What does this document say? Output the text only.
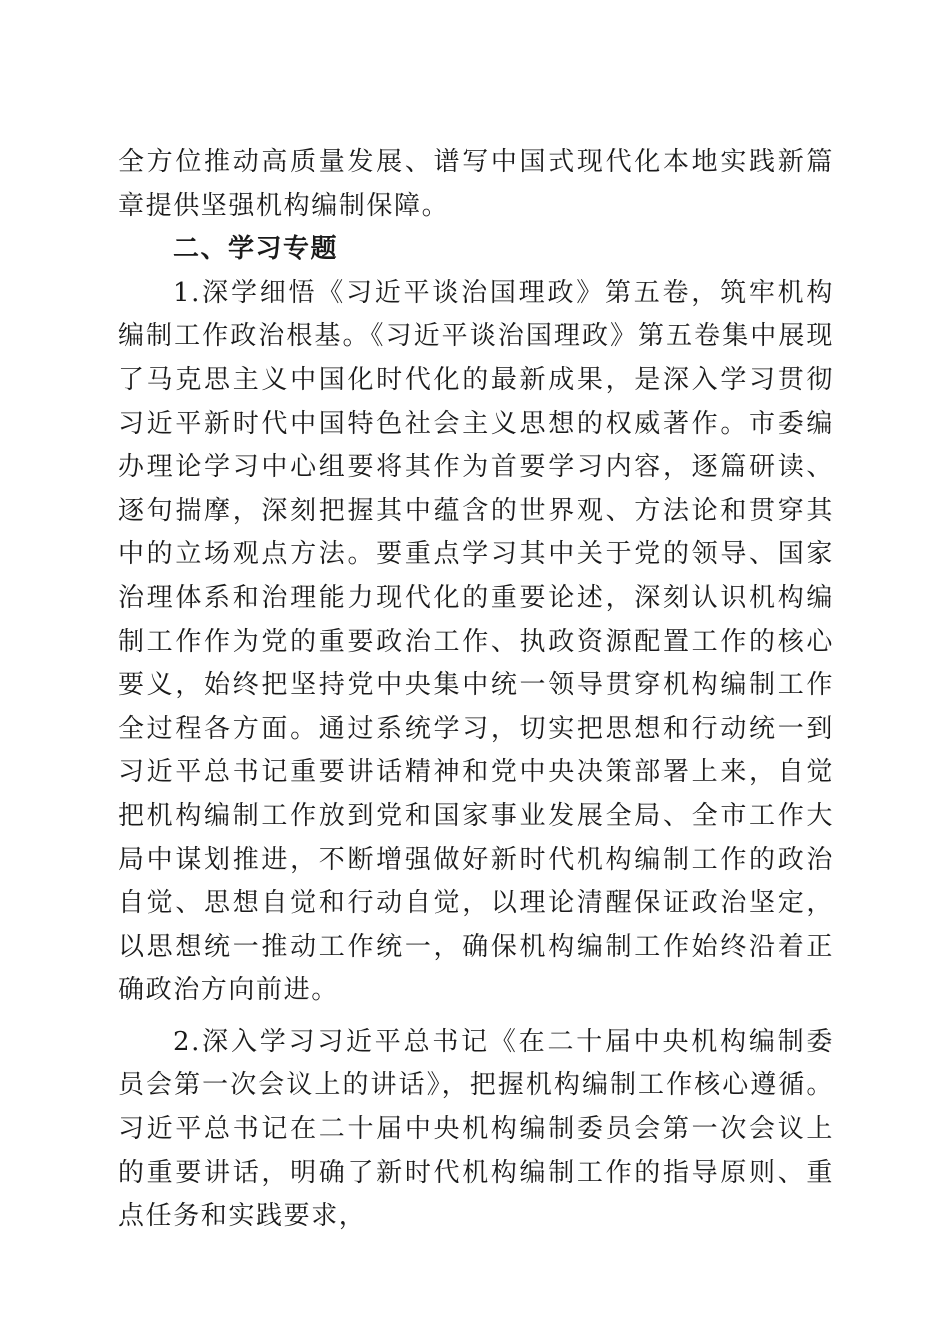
全方位推动高质量发展、谱写中国式现代化本地实践新篇章提供坚强机构编制保障。

二、学习专题

1.深学细悟《习近平谈治国理政》第五卷，筑牢机构编制工作政治根基。《习近平谈治国理政》第五卷集中展现了马克思主义中国化时代化的最新成果，是深入学习贯彻习近平新时代中国特色社会主义思想的权威著作。市委编办理论学习中心组要将其作为首要学习内容，逐篇研读、逐句揣摩，深刻把握其中蕴含的世界观、方法论和贯穿其中的立场观点方法。要重点学习其中关于党的领导、国家治理体系和治理能力现代化的重要论述，深刻认识机构编制工作作为党的重要政治工作、执政资源配置工作的核心要义，始终把坚持党中央集中统一领导贯穿机构编制工作全过程各方面。通过系统学习，切实把思想和行动统一到习近平总书记重要讲话精神和党中央决策部署上来，自觉把机构编制工作放到党和国家事业发展全局、全市工作大局中谋划推进，不断增强做好新时代机构编制工作的政治自觉、思想自觉和行动自觉，以理论清醒保证政治坚定，以思想统一推动工作统一，确保机构编制工作始终沿着正确政治方向前进。

2.深入学习习近平总书记《在二十届中央机构编制委员会第一次会议上的讲话》，把握机构编制工作核心遵循。习近平总书记在二十届中央机构编制委员会第一次会议上的重要讲话，明确了新时代机构编制工作的指导原则、重点任务和实践要求，
